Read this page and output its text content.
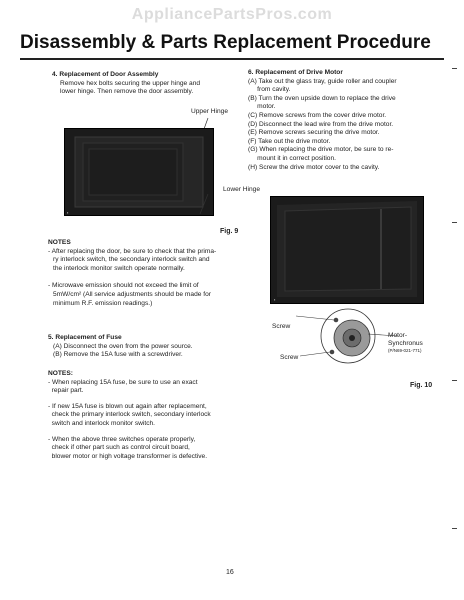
AppliancePartsPros.com
Disassembly & Parts Replacement Procedure
4. Replacement of Door Assembly
Remove hex bolts securing the upper hinge and
lower hinge. Then remove the door assembly.
Upper Hinge
▪
Lower Hinge
Fig. 9
NOTES
- After replacing the door, be sure to check that the prima-
ry interlock switch, the secondary interlock switch and
the interlock monitor switch operate normally.
- Microwave emission should not exceed the limit of
5mW/cm² (All service adjustments should be made for
minimum R.F. emission readings.)
5. Replacement of Fuse
(A) Disconnect the oven from the power source.
(B) Remove the 15A fuse with a screwdriver.
NOTES:
- When replacing 15A fuse, be sure to use an exact
repair part.
- If new 15A fuse is blown out again after replacement,
check the primary interlock switch, secondary interlock
switch and interlock monitor switch.
- When the above three switches operate properly,
check if other part such as control circuit board,
blower motor or high voltage transformer is defective.
6. Replacement of Drive Motor
(A) Take out the glass tray, guide roller and coupler
from cavity.
(B) Turn the oven upside down to replace the drive
motor.
(C) Remove screws from the cover drive motor.
(D) Disconnect the lead wire from the drive motor.
(E) Remove screws securing the drive motor.
(F) Take out the drive motor.
(G) When replacing the drive motor, be sure to re-
mount it in correct position.
(H) Screw the drive motor cover to the cavity.
▪
Screw
Screw
Motor-
Synchronus
(P/N69-021-771)
Fig. 10
16
